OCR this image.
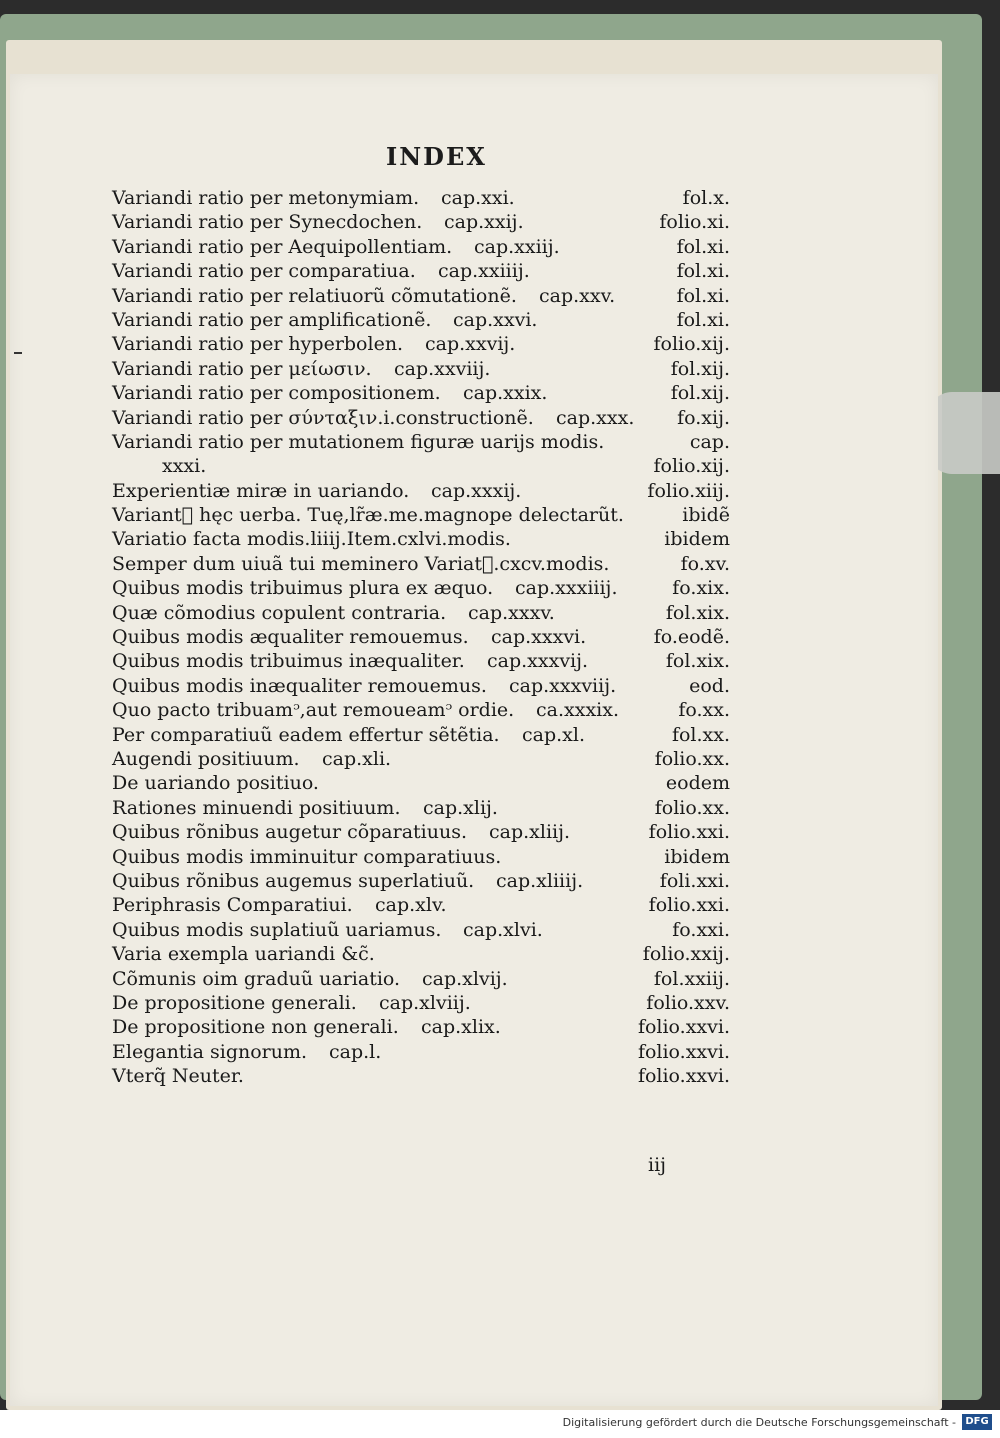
INDEX
Variandi ratio per metonymiam. cap.xxi.	fol.x.
Variandi ratio per Synecdochen. cap.xxij.	folio.xi.
Variandi ratio per Aequipollentiam. cap.xxiij.	fol.xi.
Variandi ratio per comparatiua. cap.xxiiij.	fol.xi.
Variandi ratio per relatiuorũ cõmutationẽ. cap.xxv.	fol.xi.
Variandi ratio per amplificationẽ. cap.xxvi.	fol.xi.
Variandi ratio per hyperbolen. cap.xxvij.	folio.xij.
Variandi ratio per μείωσιν. cap.xxviij.	fol.xij.
Variandi ratio per compositionem. cap.xxix.	fol.xij.
Variandi ratio per σύνταξιν.i.constructionẽ. cap.xxx. fo.xij.
Variandi ratio per mutationem figuræ uarijs modis.	cap.
xxxi.	folio.xij.
Experientiæ miræ in uariando. cap.xxxij.	folio.xiij.
Variantᷣ hęc uerba. Tuę,lr̃æ.me.magnope delectarũt.	ibidẽ
Variatio facta modis.liiij.Item.cxlvi.modis.	ibidem
Semper dum uiuã tui meminero Variatᷣ.cxcv.modis.	fo.xv.
Quibus modis tribuimus plura ex æquo. cap.xxxiiij.	fo.xix.
Quæ cõmodius copulent contraria. cap.xxxv.	fol.xix.
Quibus modis æqualiter remouemus. cap.xxxvi.	fo.eodẽ.
Quibus modis tribuimus inæqualiter. cap.xxxvij.	fol.xix.
Quibus modis inæqualiter remouemus. cap.xxxviij.	eod.
Quo pacto tribuamᵓ,aut remoueamᵓ ordie. ca.xxxix.	fo.xx.
Per comparatiuũ eadem effertur sẽtẽtia. cap.xl.	fol.xx.
Augendi positiuum. cap.xli.	folio.xx.
De uariando positiuo.	eodem
Rationes minuendi positiuum. cap.xlij.	folio.xx.
Quibus rõnibus augetur cõparatiuus. cap.xliij.	folio.xxi.
Quibus modis imminuitur comparatiuus.	ibidem
Quibus rõnibus augemus superlatiuũ. cap.xliiij.	foli.xxi.
Periphrasis Comparatiui. cap.xlv.	folio.xxi.
Quibus modis suplatiuũ uariamus. cap.xlvi.	fo.xxi.
Varia exempla uariandi &c̃.	folio.xxij.
Cõmunis oim graduũ uariatio. cap.xlvij.	fol.xxiij.
De propositione generali. cap.xlviij.	folio.xxv.
De propositione non generali. cap.xlix.	folio.xxvi.
Elegantia signorum. cap.l.	folio.xxvi.
Vterq̃ Neuter.	folio.xxvi.
iij
Digitalisierung gefördert durch die Deutsche Forschungsgemeinschaft - DFG
